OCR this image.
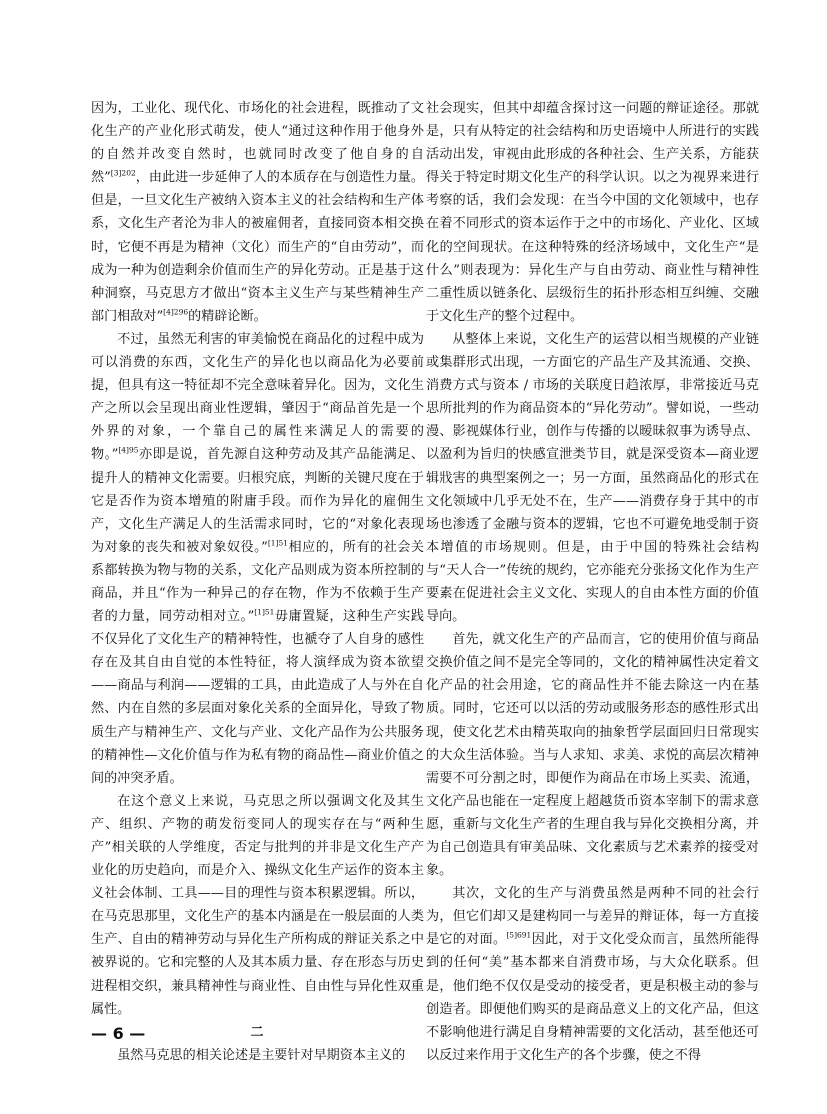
因为，工业化、现代化、市场化的社会进程，既推动了文化生产的产业化形式萌发，使人“通过这种作用于他身外的自然并改变自然时，也就同时改变了他自身的自然”$^{[3]202}$，由此进一步延伸了人的本质存在与创造性力量。但是，一旦文化生产被纳入资本主义的社会结构和生产体系，文化生产者沦为非人的被雇佣者，直接同资本相交换时，它便不再是为精神（文化）而生产的“自由劳动”，而成为一种为创造剩余价值而生产的异化劳动。正是基于这种洞察，马克思方才做出“资本主义生产与某些精神生产部门相敌对”$^{[4]296}$的精辟论断。

不过，虽然无利害的审美愉悦在商品化的过程中成为可以消费的东西，文化生产的异化也以商品化为必要前提，但具有这一特征却不完全意味着异化。因为，文化生产之所以会呈现出商业性逻辑，肇因于“商品首先是一个外界的对象，一个靠自己的属性来满足人的需要的物。”$^{[4]95}$亦即是说，首先源自这种劳动及其产品能满足、提升人的精神文化需要。归根究底，判断的关键尺度在于它是否作为资本增殖的附庸手段。而作为异化的雇佣生产，文化生产满足人的生活需求同时，它的“对象化表现为对象的丧失和被对象奴役。”$^{[1]51}$相应的，所有的社会关系都转换为物与物的关系，文化产品则成为资本所控制的商品，并且“作为一种异己的存在物，作为不依赖于生产者的力量，同劳动相对立。”$^{[1]51}$毋庸置疑，这种生产实践不仅异化了文化生产的精神特性，也褫夺了人自身的感性存在及其自由自觉的本性特征，将人演绎成为资本欲望——商品与利润——逻辑的工具，由此造成了人与外在自然、内在自然的多层面对象化关系的全面异化，导致了物质生产与精神生产、文化与产业、文化产品作为公共服务的精神性—文化价值与作为私有物的商品性—商业价值之间的冲突矛盾。

在这个意义上来说，马克思之所以强调文化及其生产、组织、产物的萌发衍变同人的现实存在与“两种生产”相关联的人学维度，否定与批判的并非是文化生产产业化的历史趋向，而是介入、操纵文化生产运作的资本主义社会体制、工具——目的理性与资本积累逻辑。所以，在马克思那里，文化生产的基本内涵是在一般层面的人类生产、自由的精神劳动与异化生产所构成的辩证关系之中被界说的。它和完整的人及其本质力量、存在形态与历史进程相交织，兼具精神性与商业性、自由性与异化性双重属性。

二

虽然马克思的相关论述是主要针对早期资本主义的

社会现实，但其中却蕴含探讨这一问题的辩证途径。那就是，只有从特定的社会结构和历史语境中人所进行的实践活动出发，审视由此形成的各种社会、生产关系，方能获得关于特定时期文化生产的科学认识。以之为视界来进行考察的话，我们会发现：在当今中国的文化领域中，也存在着不同形式的资本运作于之中的市场化、产业化、区域化的空间现状。在这种特殊的经济场域中，文化生产“是什么”则表现为：异化生产与自由劳动、商业性与精神性二重性质以链条化、层级衍生的拓扑形态相互纠缠、交融于文化生产的整个过程中。

从整体上来说，文化生产的运营以相当规模的产业链或集群形式出现，一方面它的产品生产及其流通、交换、消费方式与资本 / 市场的关联度日趋浓厚，非常接近马克思所批判的作为商品资本的“异化劳动”。譬如说，一些动漫、影视媒体行业，创作与传播的以暧昧叙事为诱导点、以盈利为旨归的快感宣泄类节目，就是深受资本—商业逻辑戕害的典型案例之一；另一方面，虽然商品化的形式在文化领域中几乎无处不在，生产——消费存身于其中的市场也渗透了金融与资本的逻辑，它也不可避免地受制于资本增值的市场规则。但是，由于中国的特殊社会结构与“天人合一”传统的规约，它亦能充分张扬文化作为生产要素在促进社会主义文化、实现人的自由本性方面的价值导向。

首先，就文化生产的产品而言，它的使用价值与商品交换价值之间不是完全等同的，文化的精神属性决定着文化产品的社会用途，它的商品性并不能去除这一内在基质。同时，它还可以以活的劳动或服务形态的感性形式出现，使文化艺术由精英取向的抽象哲学层面回归日常现实的大众生活体验。当与人求知、求美、求悦的高层次精神需要不可分割之时，即便作为商品在市场上买卖、流通，文化产品也能在一定程度上超越货币资本宰制下的需求意愿，重新与文化生产者的生理自我与异化交换相分离，并为自己创造具有审美品味、文化素质与艺术素养的接受对象。

其次，文化的生产与消费虽然是两种不同的社会行为，但它们却又是建构同一与差异的辩证体，每一方直接是它的对面。$^{[5]691}$因此，对于文化受众而言，虽然所能得到的任何“美”基本都来自消费市场，与大众化联系。但是，他们绝不仅仅是受动的接受者，更是积极主动的参与创造者。即便他们购买的是商品意义上的文化产品，但这不影响他进行满足自身精神需要的文化活动，甚至他还可以反过来作用于文化生产的各个步骤，使之不得

— 6 —
